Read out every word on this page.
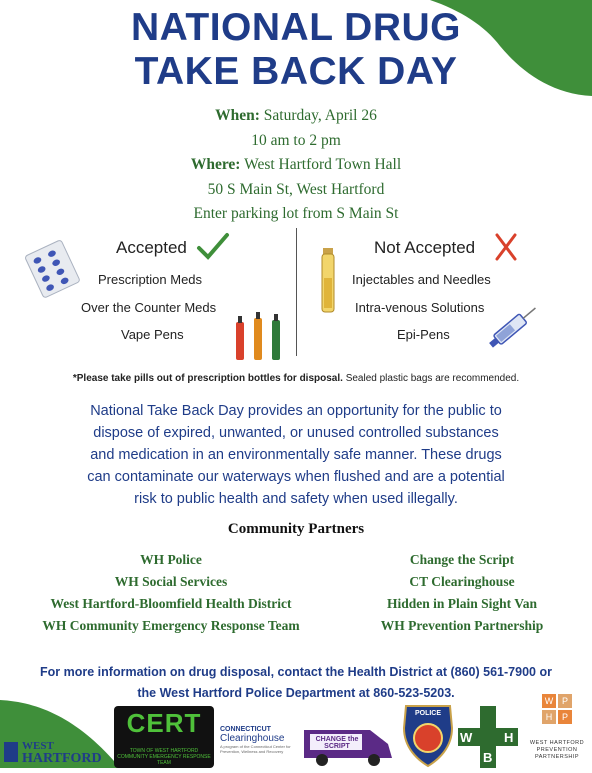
NATIONAL DRUG
TAKE BACK DAY
When: Saturday, April 26
10 am to 2 pm
Where: West Hartford Town Hall
50 S Main St, West Hartford
Enter parking lot from S Main St
Accepted
Prescription Meds
Over the Counter Meds
Vape Pens
Not Accepted
Injectables and Needles
Intra-venous Solutions
Epi-Pens
*Please take pills out of prescription bottles for disposal. Sealed plastic bags are recommended.
National Take Back Day provides an opportunity for the public to dispose of expired, unwanted, or unused controlled substances and medication in an environmentally safe manner. These drugs can contaminate our waterways when flushed and are a potential risk to public health and safety when used illegally.
Community Partners
WH Police
WH Social Services
West Hartford-Bloomfield Health District
WH Community Emergency Response Team
Change the Script
CT Clearinghouse
Hidden in Plain Sight Van
WH Prevention Partnership
For more information on drug disposal, contact the Health District at (860) 561-7900 or
the West Hartford Police Department at 860-523-5203.
WEST
HARTFORD
CERT
TOWN OF WEST HARTFORD COMMUNITY EMERGENCY RESPONSE TEAM
CONNECTICUT
Clearinghouse
A program of the Connecticut Center for Prevention, Wellness and Recovery
CHANGE the SCRIPT
POLICE
W H
B
W P
H	P
WEST HARTFORD PREVENTION PARTNERSHIP
